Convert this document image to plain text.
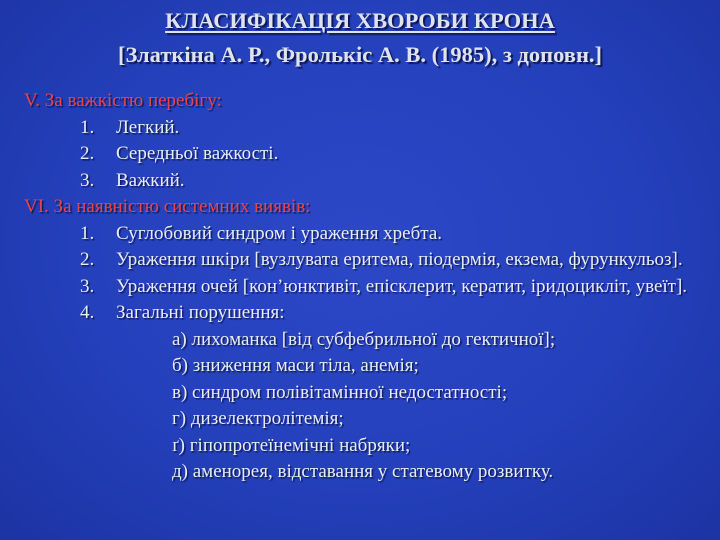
КЛАСИФІКАЦІЯ ХВОРОБИ КРОНА
[Златкіна А. Р., Фролькіс А. В. (1985), з доповн.]
V. За важкістю перебігу:
1. Легкий.
2. Середньої важкості.
3. Важкий.
VI. За наявністю системних виявів:
1. Суглобовий синдром і ураження хребта.
2. Ураження шкіри [вузлувата еритема, піодермія, екзема, фурункульоз].
3. Ураження очей [кон’юнктивіт, епісклерит, кератит, іридоцикліт, увеїт].
4. Загальні порушення:
а) лихоманка [від субфебрильної до гектичної];
б) зниження маси тіла, анемія;
в) синдром полівітамінної недостатності;
г) дизелектролітемія;
ґ) гіпопротеїнемічні набряки;
д) аменорея, відставання у статевому розвитку.
